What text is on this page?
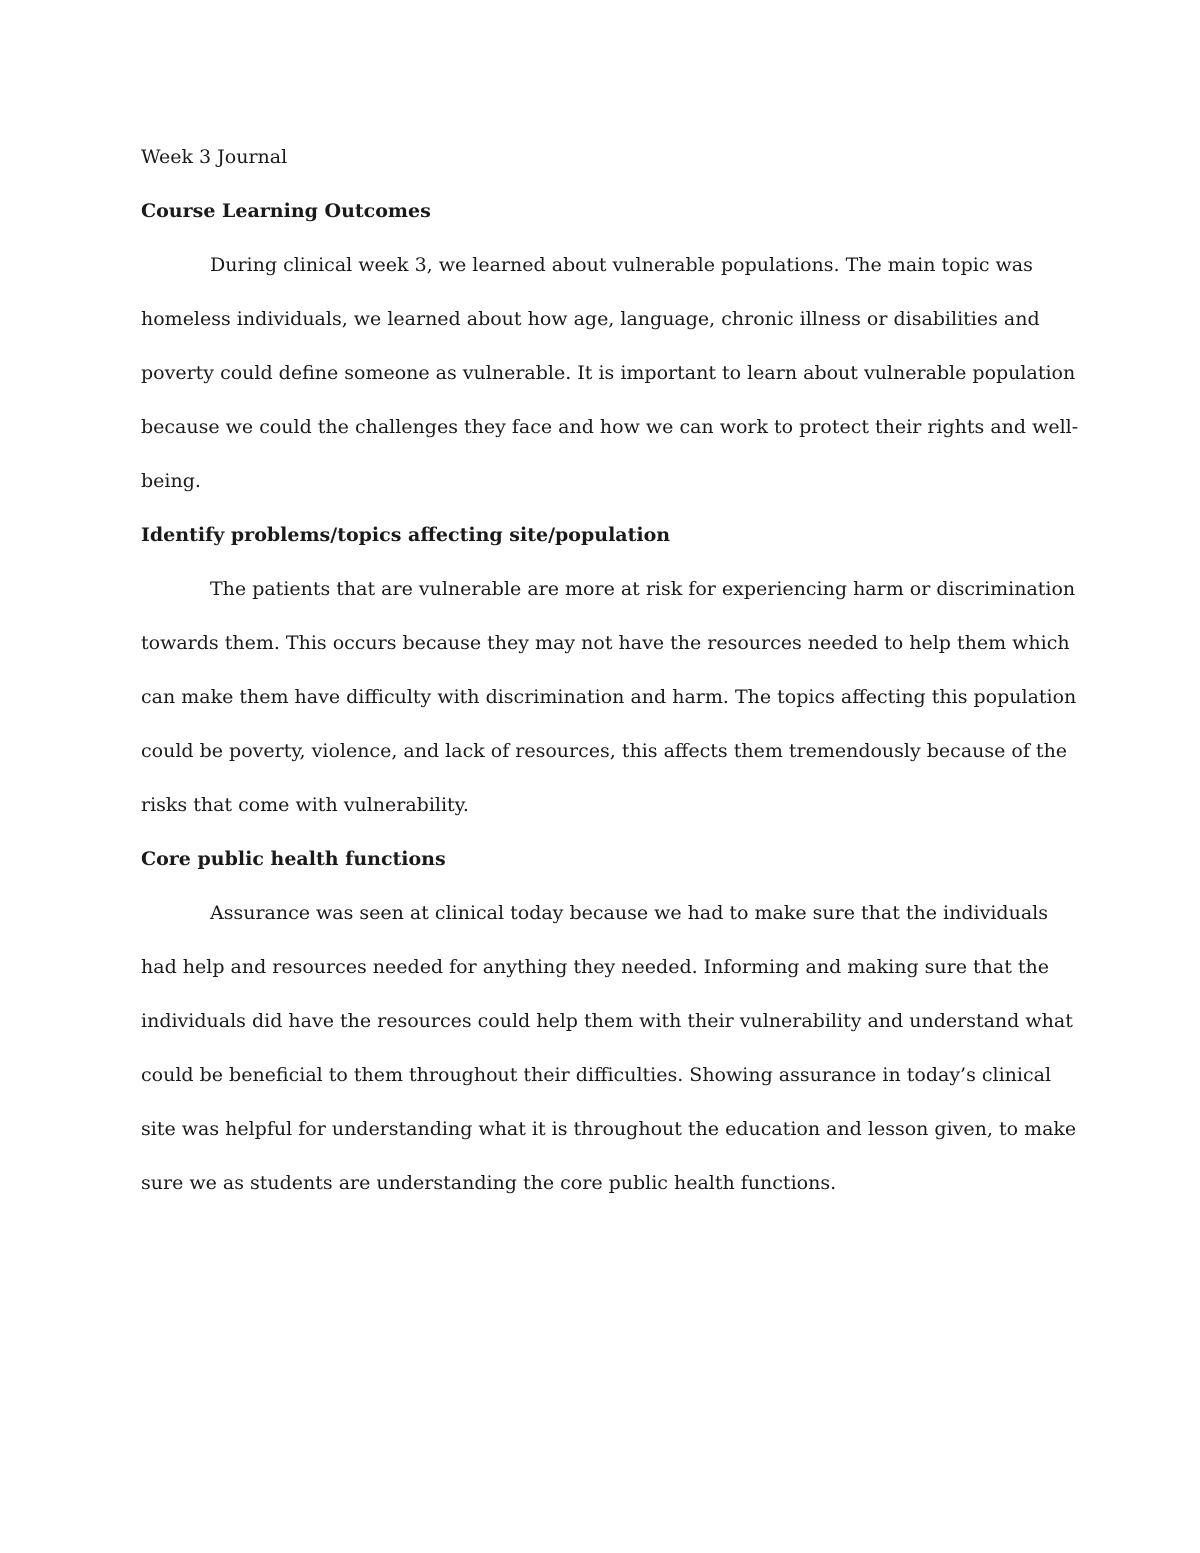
Week 3 Journal

Course Learning Outcomes

During clinical week 3, we learned about vulnerable populations. The main topic was

homeless individuals, we learned about how age, language, chronic illness or disabilities and

poverty could define someone as vulnerable. It is important to learn about vulnerable population

because we could the challenges they face and how we can work to protect their rights and well-

being.

Identify problems/topics affecting site/population

The patients that are vulnerable are more at risk for experiencing harm or discrimination

towards them. This occurs because they may not have the resources needed to help them which

can make them have difficulty with discrimination and harm. The topics affecting this population

could be poverty, violence, and lack of resources, this affects them tremendously because of the

risks that come with vulnerability.

Core public health functions

Assurance was seen at clinical today because we had to make sure that the individuals

had help and resources needed for anything they needed. Informing and making sure that the

individuals did have the resources could help them with their vulnerability and understand what

could be beneficial to them throughout their difficulties. Showing assurance in today’s clinical

site was helpful for understanding what it is throughout the education and lesson given, to make

sure we as students are understanding the core public health functions.
